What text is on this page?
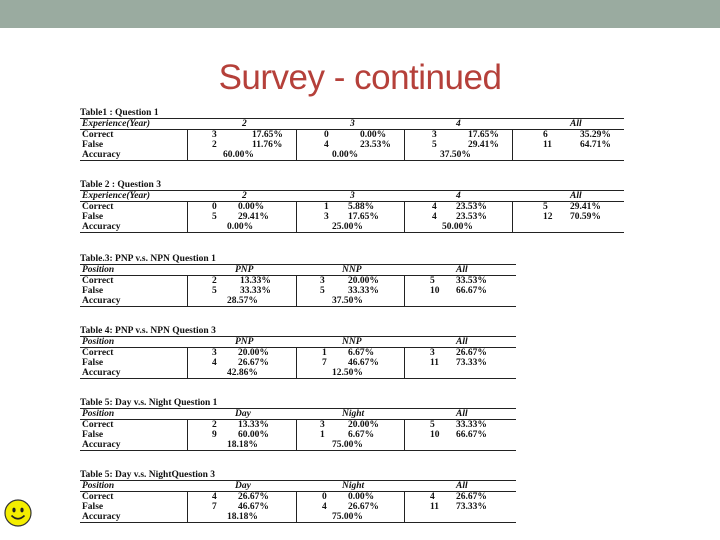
Survey - continued
Table1 : Question 1
Experience(Year)	2	3	4	All
Correct	3	17.65%	0	0.00%	3	17.65%	6	35.29%
False	2	11.76%	4	23.53%	5	29.41%	11	64.71%
Accuracy	60.00%	0.00%	37.50%
Table 2 : Question 3
Experience(Year)	2	3	4	All
Correct	0 0.00%	1 5.88%	4 23.53%	5 29.41%
False	5 29.41%	3 17.65%	4 23.53%	12 70.59%
Accuracy	0.00%	25.00%	50.00%
Table.3: PNP v.s. NPN Question 1
Position	PNP	NNP	All
Correct	2 13.33%	3 20.00%	5 33.53%
False	5 33.33%	5 33.33%	10 66.67%
Accuracy	28.57%	37.50%
Table 4: PNP v.s. NPN Question 3
Position	PNP	NNP	All
Correct	3 20.00%	1 6.67%	3 26.67%
False	4 26.67%	7 46.67%	11 73.33%
Accuracy	42.86%	12.50%
Table 5: Day v.s. Night Question 1
Position	Day	Night	All
Correct	2 13.33%	3 20.00%	5 33.33%
False	9 60.00%	1 6.67%	10 66.67%
Accuracy	18.18%	75.00%
Table 5: Day v.s. NightQuestion 3
Position	Day	Night	All
Correct	4 26.67%	0 0.00%	4 26.67%
False	7 46.67%	4 26.67%	11 73.33%
Accuracy	18.18%	75.00%
